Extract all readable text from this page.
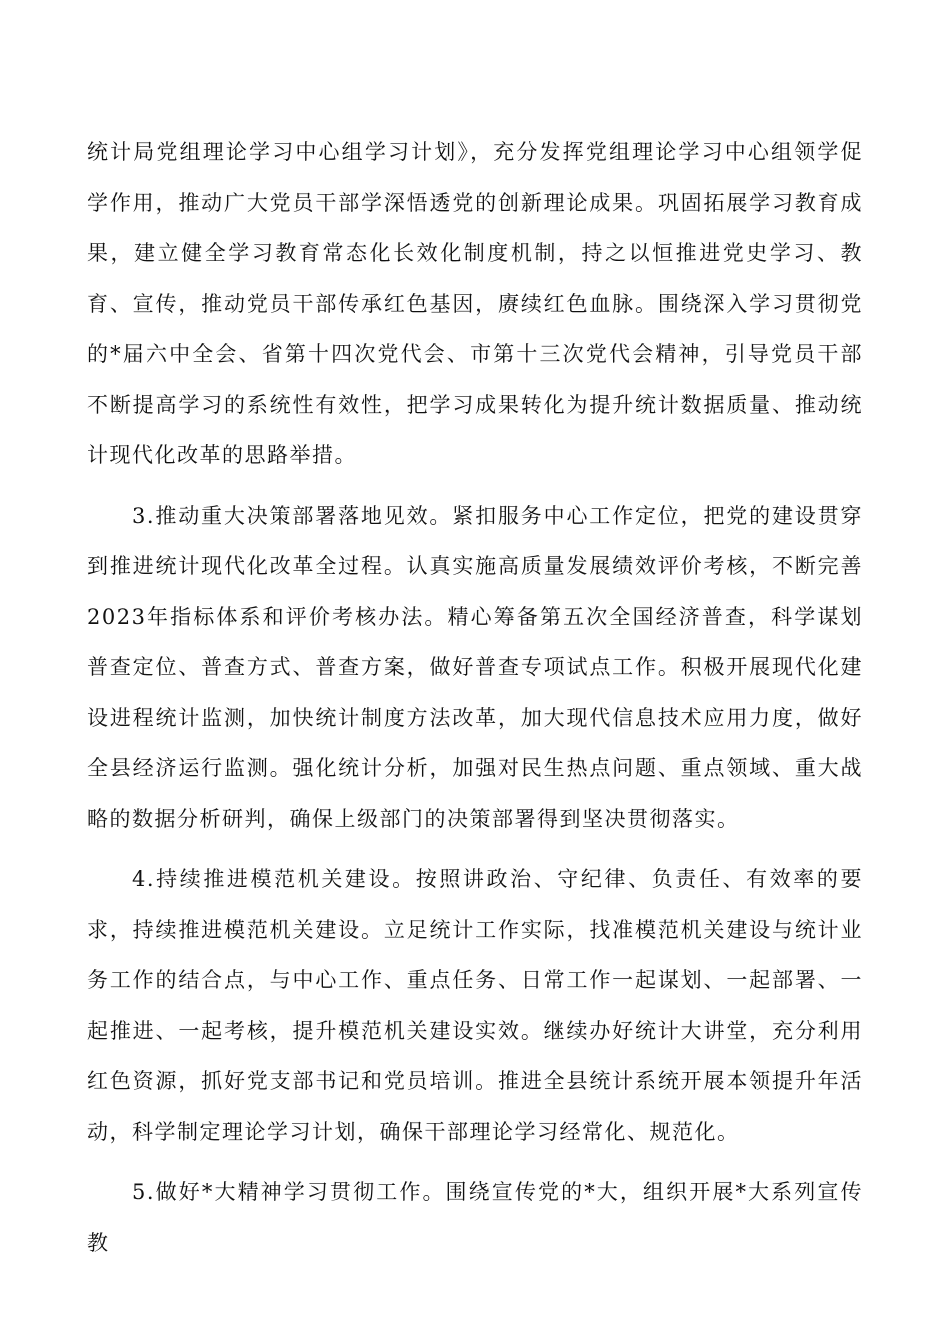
统计局党组理论学习中心组学习计划》，充分发挥党组理论学习中心组领学促学作用，推动广大党员干部学深悟透党的创新理论成果。巩固拓展学习教育成果，建立健全学习教育常态化长效化制度机制，持之以恒推进党史学习、教育、宣传，推动党员干部传承红色基因，赓续红色血脉。围绕深入学习贯彻党的*届六中全会、省第十四次党代会、市第十三次党代会精神，引导党员干部不断提高学习的系统性有效性，把学习成果转化为提升统计数据质量、推动统计现代化改革的思路举措。

3.推动重大决策部署落地见效。紧扣服务中心工作定位，把党的建设贯穿到推进统计现代化改革全过程。认真实施高质量发展绩效评价考核，不断完善2023年指标体系和评价考核办法。精心筹备第五次全国经济普查，科学谋划普查定位、普查方式、普查方案，做好普查专项试点工作。积极开展现代化建设进程统计监测，加快统计制度方法改革，加大现代信息技术应用力度，做好全县经济运行监测。强化统计分析，加强对民生热点问题、重点领域、重大战略的数据分析研判，确保上级部门的决策部署得到坚决贯彻落实。

4.持续推进模范机关建设。按照讲政治、守纪律、负责任、有效率的要求，持续推进模范机关建设。立足统计工作实际，找准模范机关建设与统计业务工作的结合点，与中心工作、重点任务、日常工作一起谋划、一起部署、一起推进、一起考核，提升模范机关建设实效。继续办好统计大讲堂，充分利用红色资源，抓好党支部书记和党员培训。推进全县统计系统开展本领提升年活动，科学制定理论学习计划，确保干部理论学习经常化、规范化。

5.做好*大精神学习贯彻工作。围绕宣传党的*大，组织开展*大系列宣传教
